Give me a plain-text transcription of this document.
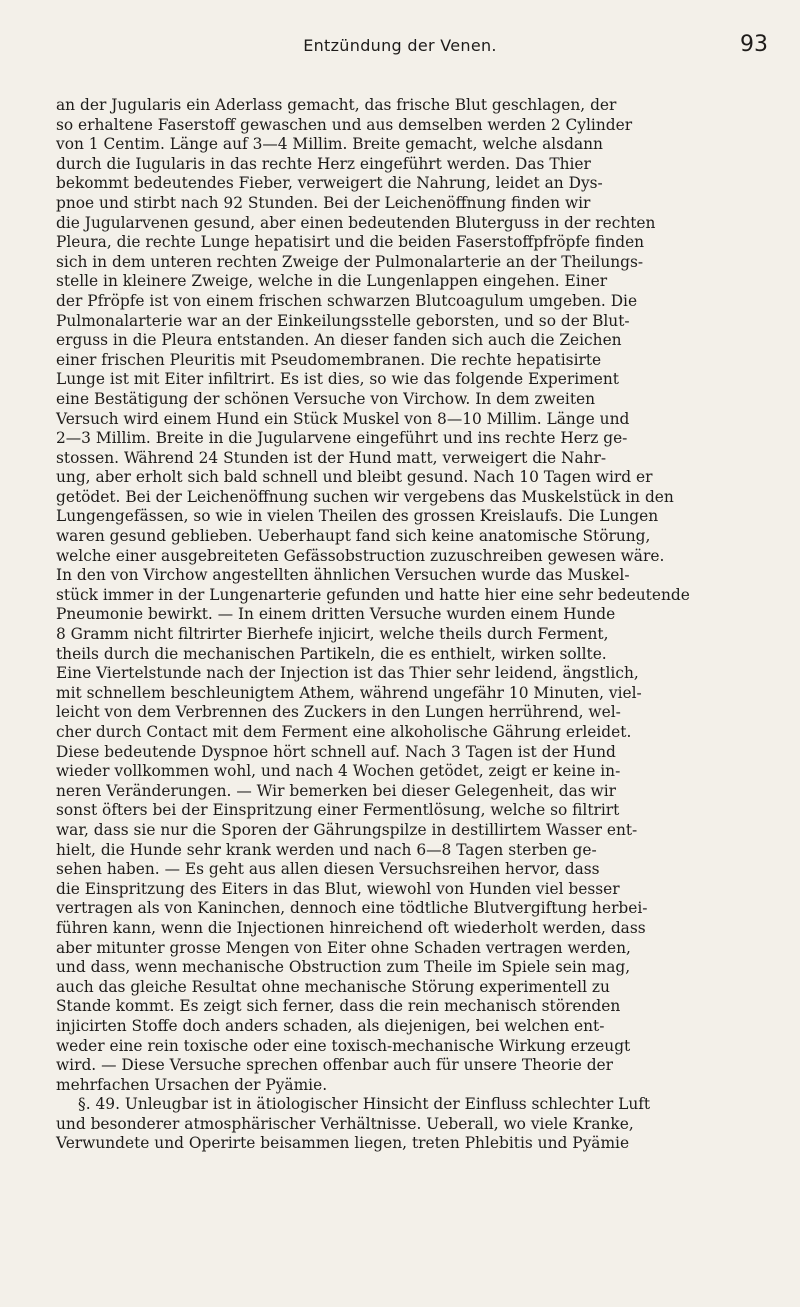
Entzündung der Venen.	93
an der Jugularis ein Aderlass gemacht, das frische Blut geschlagen, der
so erhaltene Faserstoff gewaschen und aus demselben werden 2 Cylinder
von 1 Centim. Länge auf 3—4 Millim. Breite gemacht, welche alsdann
durch die Iugularis in das rechte Herz eingeführt werden. Das Thier
bekommt bedeutendes Fieber, verweigert die Nahrung, leidet an Dys-
pnoe und stirbt nach 92 Stunden. Bei der Leichenöffnung finden wir
die Jugularvenen gesund, aber einen bedeutenden Bluterguss in der rechten
Pleura, die rechte Lunge hepatisirt und die beiden Faserstoffpfröpfe finden
sich in dem unteren rechten Zweige der Pulmonalarterie an der Theilungs-
stelle in kleinere Zweige, welche in die Lungenlappen eingehen. Einer
der Pfröpfe ist von einem frischen schwarzen Blutcoagulum umgeben. Die
Pulmonalarterie war an der Einkeilungsstelle geborsten, und so der Blut-
erguss in die Pleura entstanden. An dieser fanden sich auch die Zeichen
einer frischen Pleuritis mit Pseudomembranen. Die rechte hepatisirte
Lunge ist mit Eiter infiltrirt. Es ist dies, so wie das folgende Experiment
eine Bestätigung der schönen Versuche von Virchow. In dem zweiten
Versuch wird einem Hund ein Stück Muskel von 8—10 Millim. Länge und
2—3 Millim. Breite in die Jugularvene eingeführt und ins rechte Herz ge-
stossen. Während 24 Stunden ist der Hund matt, verweigert die Nahr-
ung, aber erholt sich bald schnell und bleibt gesund. Nach 10 Tagen wird er
getödet. Bei der Leichenöffnung suchen wir vergebens das Muskelstück in den
Lungengefässen, so wie in vielen Theilen des grossen Kreislaufs. Die Lungen
waren gesund geblieben. Ueberhaupt fand sich keine anatomische Störung,
welche einer ausgebreiteten Gefässobstruction zuzuschreiben gewesen wäre.
In den von Virchow angestellten ähnlichen Versuchen wurde das Muskel-
stück immer in der Lungenarterie gefunden und hatte hier eine sehr bedeutende
Pneumonie bewirkt. — In einem dritten Versuche wurden einem Hunde
8 Gramm nicht filtrirter Bierhefe injicirt, welche theils durch Ferment,
theils durch die mechanischen Partikeln, die es enthielt, wirken sollte.
Eine Viertelstunde nach der Injection ist das Thier sehr leidend, ängstlich,
mit schnellem beschleunigtem Athem, während ungefähr 10 Minuten, viel-
leicht von dem Verbrennen des Zuckers in den Lungen herrührend, wel-
cher durch Contact mit dem Ferment eine alkoholische Gährung erleidet.
Diese bedeutende Dyspnoe hört schnell auf. Nach 3 Tagen ist der Hund
wieder vollkommen wohl, und nach 4 Wochen getödet, zeigt er keine in-
neren Veränderungen. — Wir bemerken bei dieser Gelegenheit, das wir
sonst öfters bei der Einspritzung einer Fermentlösung, welche so filtrirt
war, dass sie nur die Sporen der Gährungspilze in destillirtem Wasser ent-
hielt, die Hunde sehr krank werden und nach 6—8 Tagen sterben ge-
sehen haben. — Es geht aus allen diesen Versuchsreihen hervor, dass
die Einspritzung des Eiters in das Blut, wiewohl von Hunden viel besser
vertragen als von Kaninchen, dennoch eine tödtliche Blutvergiftung herbei-
führen kann, wenn die Injectionen hinreichend oft wiederholt werden, dass
aber mitunter grosse Mengen von Eiter ohne Schaden vertragen werden,
und dass, wenn mechanische Obstruction zum Theile im Spiele sein mag,
auch das gleiche Resultat ohne mechanische Störung experimentell zu
Stande kommt. Es zeigt sich ferner, dass die rein mechanisch störenden
injicirten Stoffe doch anders schaden, als diejenigen, bei welchen ent-
weder eine rein toxische oder eine toxisch-mechanische Wirkung erzeugt
wird. — Diese Versuche sprechen offenbar auch für unsere Theorie der
mehrfachen Ursachen der Pyämie.
§. 49. Unleugbar ist in ätiologischer Hinsicht der Einfluss schlechter Luft
und besonderer atmosphärischer Verhältnisse. Ueberall, wo viele Kranke,
Verwundete und Operirte beisammen liegen, treten Phlebitis und Pyämie
